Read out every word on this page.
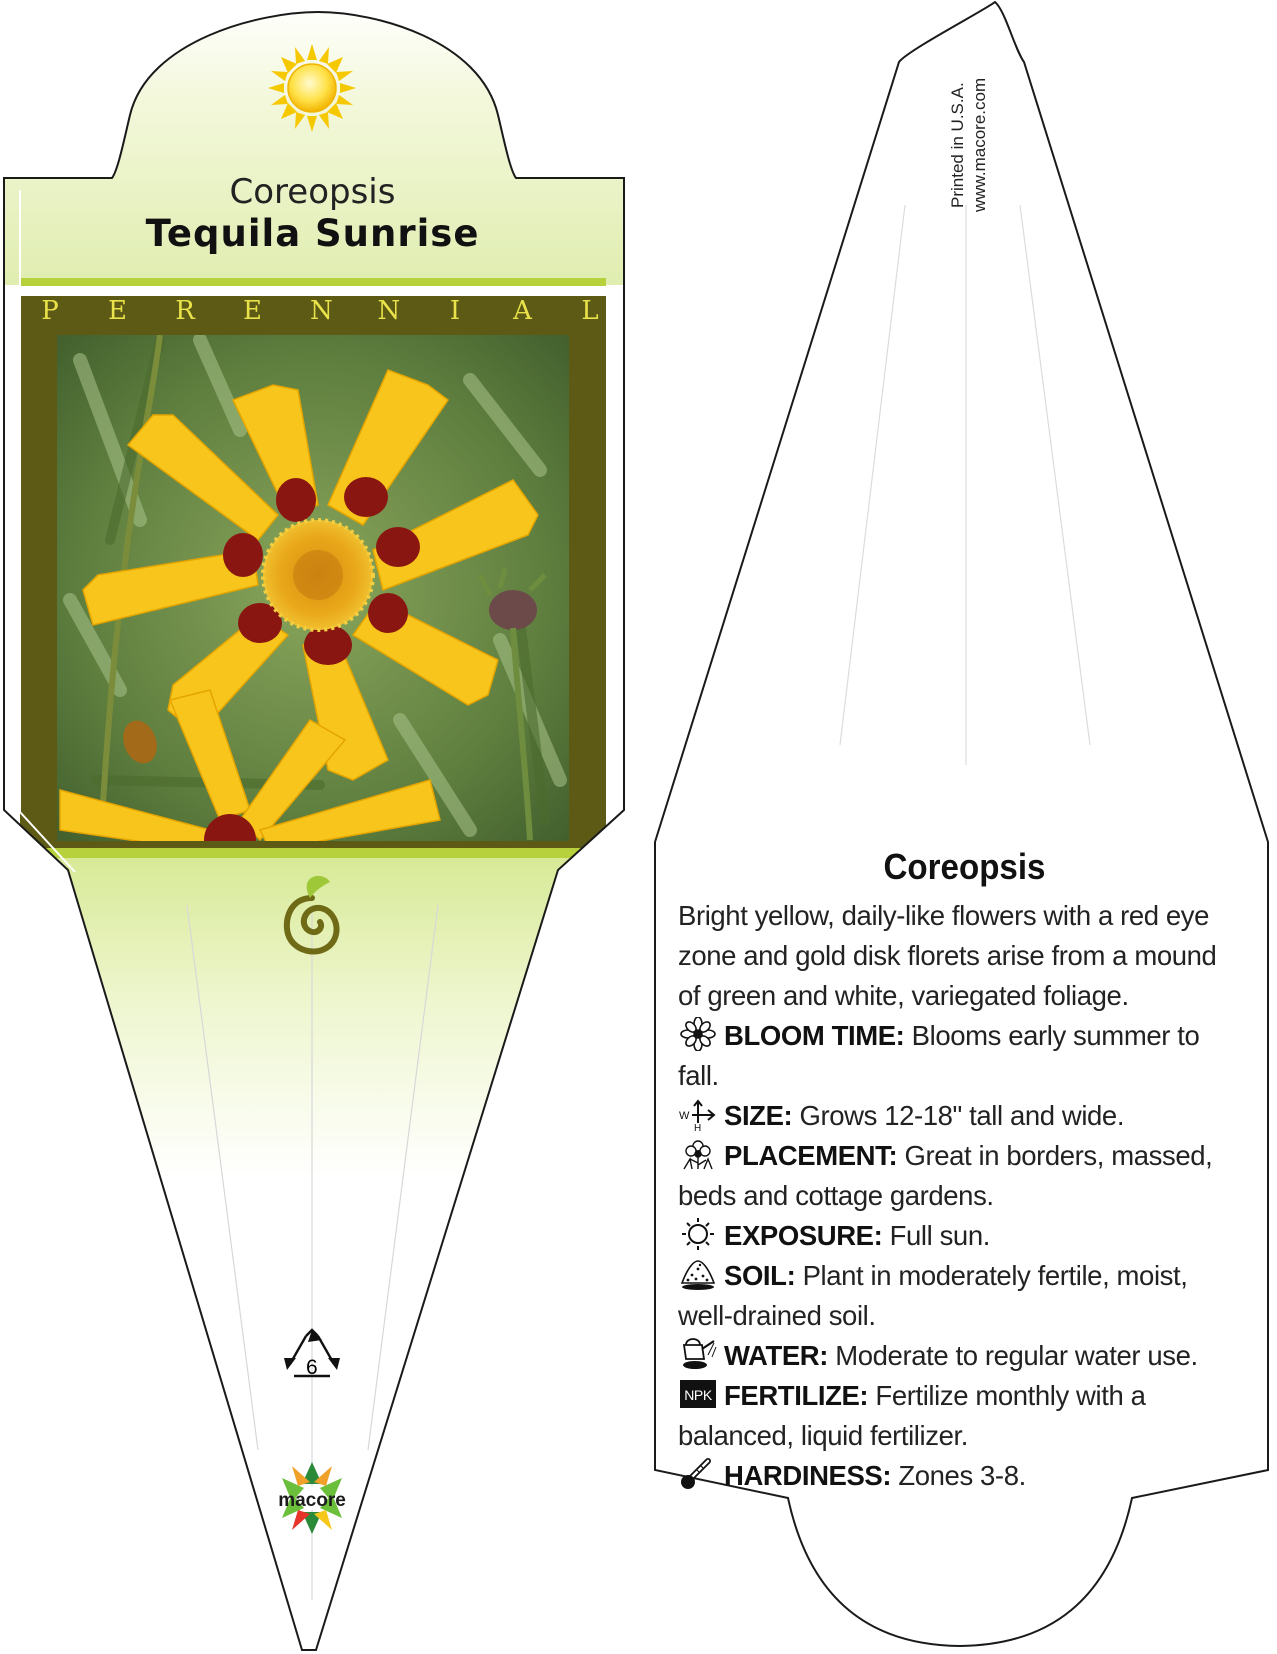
Coreopsis
Tequila Sunrise
P E R E N N I A L
6
macore
Printed in U.S.A. www.macore.com
Coreopsis

Bright yellow, daily-like flowers with a red eye zone and gold disk florets arise from a mound of green and white, variegated foliage.

BLOOM TIME: Blooms early summer to fall.
W
H SIZE: Grows 12-18" tall and wide.
PLACEMENT: Great in borders, massed, beds and cottage gardens.
EXPOSURE: Full sun.
SOIL: Plant in moderately fertile, moist, well-drained soil.
WATER: Moderate to regular water use.
NPK FERTILIZE: Fertilize monthly with a balanced, liquid fertilizer.
HARDINESS: Zones 3-8.
